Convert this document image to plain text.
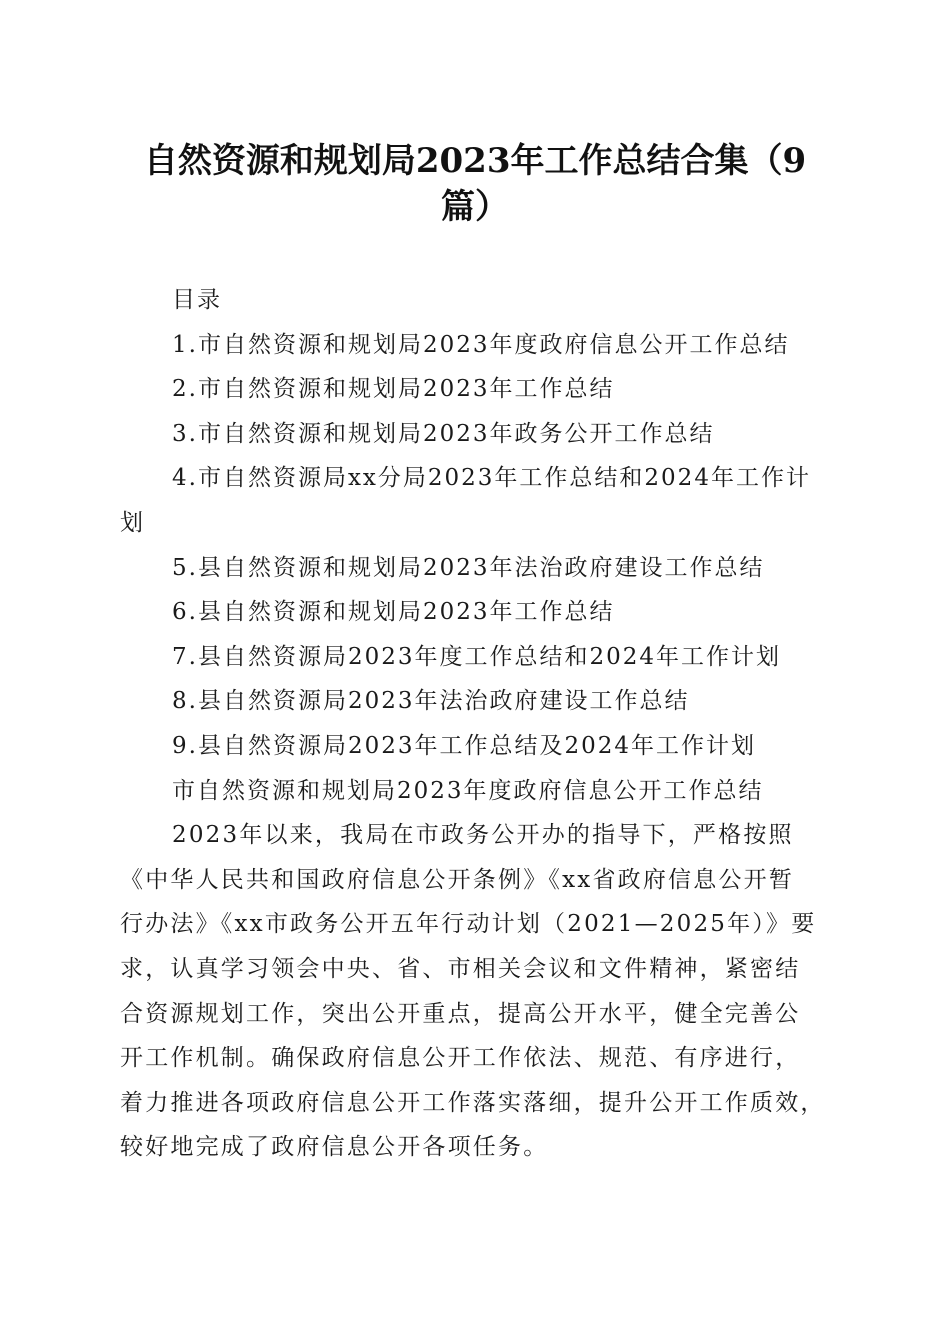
自然资源和规划局2023年工作总结合集（9
篇）
目录
1.市自然资源和规划局2023年度政府信息公开工作总结
2.市自然资源和规划局2023年工作总结
3.市自然资源和规划局2023年政务公开工作总结
4.市自然资源局xx分局2023年工作总结和2024年工作计
划
5.县自然资源和规划局2023年法治政府建设工作总结
6.县自然资源和规划局2023年工作总结
7.县自然资源局2023年度工作总结和2024年工作计划
8.县自然资源局2023年法治政府建设工作总结
9.县自然资源局2023年工作总结及2024年工作计划
市自然资源和规划局2023年度政府信息公开工作总结
2023年以来，我局在市政务公开办的指导下，严格按照
《中华人民共和国政府信息公开条例》《xx省政府信息公开暂
行办法》《xx市政务公开五年行动计划（2021—2025年）》要
求，认真学习领会中央、省、市相关会议和文件精神，紧密结
合资源规划工作，突出公开重点，提高公开水平，健全完善公
开工作机制。确保政府信息公开工作依法、规范、有序进行，
着力推进各项政府信息公开工作落实落细，提升公开工作质效，
较好地完成了政府信息公开各项任务。
